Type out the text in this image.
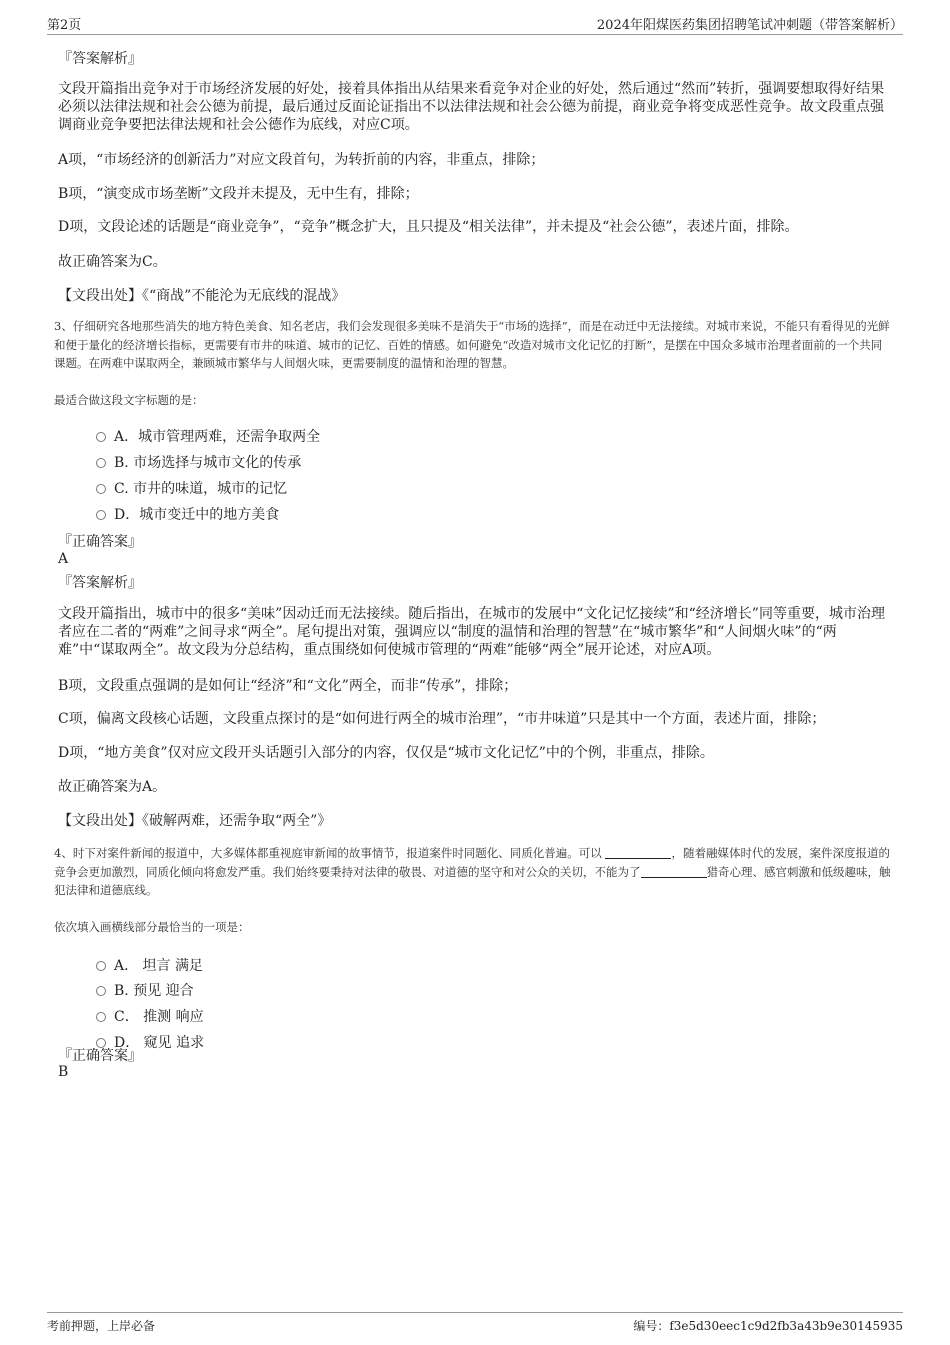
第2页	2024年阳煤医药集团招聘笔试冲刺题（带答案解析）
『答案解析』
文段开篇指出竞争对于市场经济发展的好处，接着具体指出从结果来看竞争对企业的好处，然后通过“然而”转折，强调要想取得好结果必须以法律法规和社会公德为前提，最后通过反面论证指出不以法律法规和社会公德为前提，商业竞争将变成恶性竞争。故文段重点强调商业竞争要把法律法规和社会公德作为底线，对应C项。
A项，“市场经济的创新活力”对应文段首句，为转折前的内容，非重点，排除；
B项，“演变成市场垄断”文段并未提及，无中生有，排除；
D项，文段论述的话题是“商业竞争”，“竞争”概念扩大，且只提及“相关法律”，并未提及“社会公德”，表述片面，排除。
故正确答案为C。
【文段出处】《“商战”不能沦为无底线的混战》
3、仔细研究各地那些消失的地方特色美食、知名老店，我们会发现很多美味不是消失于“市场的选择”，而是在动迁中无法接续。对城市来说，不能只有看得见的光鲜和便于量化的经济增长指标，更需要有市井的味道、城市的记忆、百姓的情感。如何避免“改造对城市文化记忆的打断”，是摆在中国众多城市治理者面前的一个共同课题。在两难中谋取两全，兼顾城市繁华与人间烟火味，更需要制度的温情和治理的智慧。
最适合做这段文字标题的是：
A．城市管理两难，还需争取两全
B. 市场选择与城市文化的传承
C. 市井的味道，城市的记忆
D．城市变迁中的地方美食
『正确答案』
A
『答案解析』
文段开篇指出，城市中的很多“美味”因动迁而无法接续。随后指出，在城市的发展中“文化记忆接续”和“经济增长”同等重要，城市治理者应在二者的“两难”之间寻求“两全”。尾句提出对策，强调应以“制度的温情和治理的智慧”在“城市繁华”和“人间烟火味”的“两难”中“谋取两全”。故文段为分总结构，重点围绕如何使城市管理的“两难”能够“两全”展开论述，对应A项。
B项，文段重点强调的是如何让“经济”和“文化”两全，而非“传承”，排除；
C项，偏离文段核心话题，文段重点探讨的是“如何进行两全的城市治理”，“市井味道”只是其中一个方面，表述片面，排除；
D项，“地方美食”仅对应文段开头话题引入部分的内容，仅仅是“城市文化记忆”中的个例，非重点，排除。
故正确答案为A。
【文段出处】《破解两难，还需争取“两全”》
4、时下对案件新闻的报道中，大多媒体都重视庭审新闻的故事情节，报道案件时同题化、同质化普遍。可以	，随着融媒体时代的发展，案件深度报道的竞争会更加激烈，同质化倾向将愈发严重。我们始终要秉持对法律的敬畏、对道德的坚守和对公众的关切，不能为了	猎奇心理、感官刺激和低级趣味，触犯法律和道德底线。
依次填入画横线部分最恰当的一项是：
A． 坦言 满足
B. 预见 迎合
C． 推测 响应
D． 窥见 追求
『正确答案』
B
考前押题，上岸必备	编号：f3e5d30eec1c9d2fb3a43b9e30145935
